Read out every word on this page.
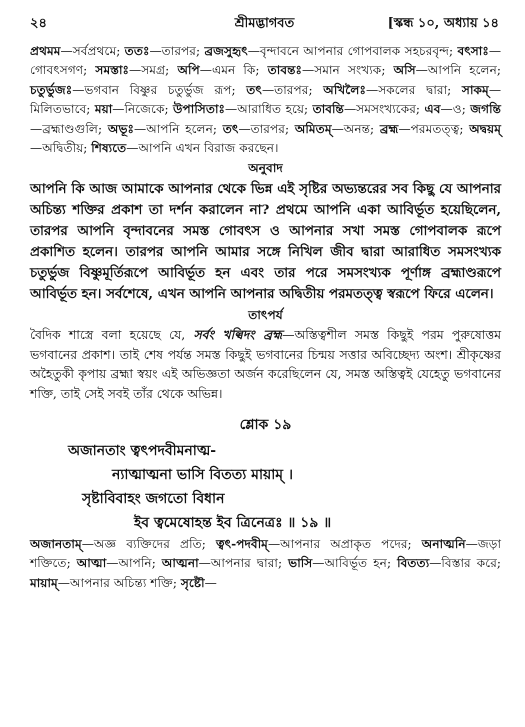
২৪	শ্রীমদ্ভাগবত	[স্কন্ধ ১০, অধ্যায় ১৪

প্রথমম—সর্বপ্রথমে; ততঃ—তারপর; ব্রজসুহৃৎ—বৃন্দাবনে আপনার গোপবালক সহচরবৃন্দ; বৎসাঃ—গোবৎসগণ; সমস্তাঃ—সমগ্র; অপি—এমন কি; তাবন্তঃ—সমান সংখ্যক; অসি—আপনি হলেন; চতুর্ভুজঃ—ভগবান বিষ্ণুর চতুর্ভুজ রূপ; তৎ—তারপর; অখিলৈঃ—সকলের দ্বারা; সাকম্—মিলিতভাবে; ময়া—নিজেকে; উপাসিতাঃ—আরাধিত হয়ে; তাবন্তি—সমসংখ্যকের; এব—ও; জগন্তি—ব্রহ্মাণ্ডগুলি; অভূঃ—আপনি হলেন; তৎ—তারপর; অমিতম্—অনন্ত; ব্রহ্ম—পরমতত্ত্ব; অদ্বয়ম্—অদ্বিতীয়; শিষ্যতে—আপনি এখন বিরাজ করছেন।

অনুবাদ

আপনি কি আজ আমাকে আপনার থেকে ভিন্ন এই সৃষ্টির অভ্যন্তরের সব কিছু যে আপনার অচিন্ত্য শক্তির প্রকাশ তা দর্শন করালেন না? প্রথমে আপনি একা আবির্ভূত হয়েছিলেন, তারপর আপনি বৃন্দাবনের সমস্ত গোবৎস ও আপনার সখা সমস্ত গোপবালক রূপে প্রকাশিত হলেন। তারপর আপনি আমার সঙ্গে নিখিল জীব দ্বারা আরাধিত সমসংখ্যক চতুর্ভুজ বিষ্ণুমূর্তিরূপে আবির্ভূত হন এবং তার পরে সমসংখ্যক পূর্ণাঙ্গ ব্রহ্মাণ্ডরূপে আবির্ভূত হন। সর্বশেষে, এখন আপনি আপনার অদ্বিতীয় পরমতত্ত্ব স্বরূপে ফিরে এলেন।

তাৎপর্য

বৈদিক শাস্ত্রে বলা হয়েছে যে, সর্বং খল্বিদং ব্রহ্ম—অস্তিত্বশীল সমস্ত কিছুই পরম পুরুষোত্তম ভগবানের প্রকাশ। তাই শেষ পর্যন্ত সমস্ত কিছুই ভগবানের চিন্ময় সত্তার অবিচ্ছেদ্য অংশ। শ্রীকৃষ্ণের অহৈতুকী কৃপায় ব্রহ্মা স্বয়ং এই অভিজ্ঞতা অর্জন করেছিলেন যে, সমস্ত অস্তিত্বই যেহেতু ভগবানের শক্তি, তাই সেই সবই তাঁর থেকে অভিন্ন।

শ্লোক ১৯
অজানতাং ত্বৎপদবীমনাত্ম-
ন্যাত্মাত্মনা ভাসি বিতত্য মায়াম্ ।
সৃষ্টাবিবাহং জগতো বিধান
ইব ত্বমেষোহন্ত ইব ত্রিনেত্রঃ ॥ ১৯ ॥

অজানতাম্—অজ্ঞ ব্যক্তিদের প্রতি; ত্বৎ-পদবীম্—আপনার অপ্রাকৃত পদের; অনাত্মনি—জড়া শক্তিতে; আত্মা—আপনি; আত্মনা—আপনার দ্বারা; ভাসি—আবির্ভূত হন; বিতত্য—বিস্তার করে; মায়াম্—আপনার অচিন্ত্য শক্তি; সৃষ্টৌ—
